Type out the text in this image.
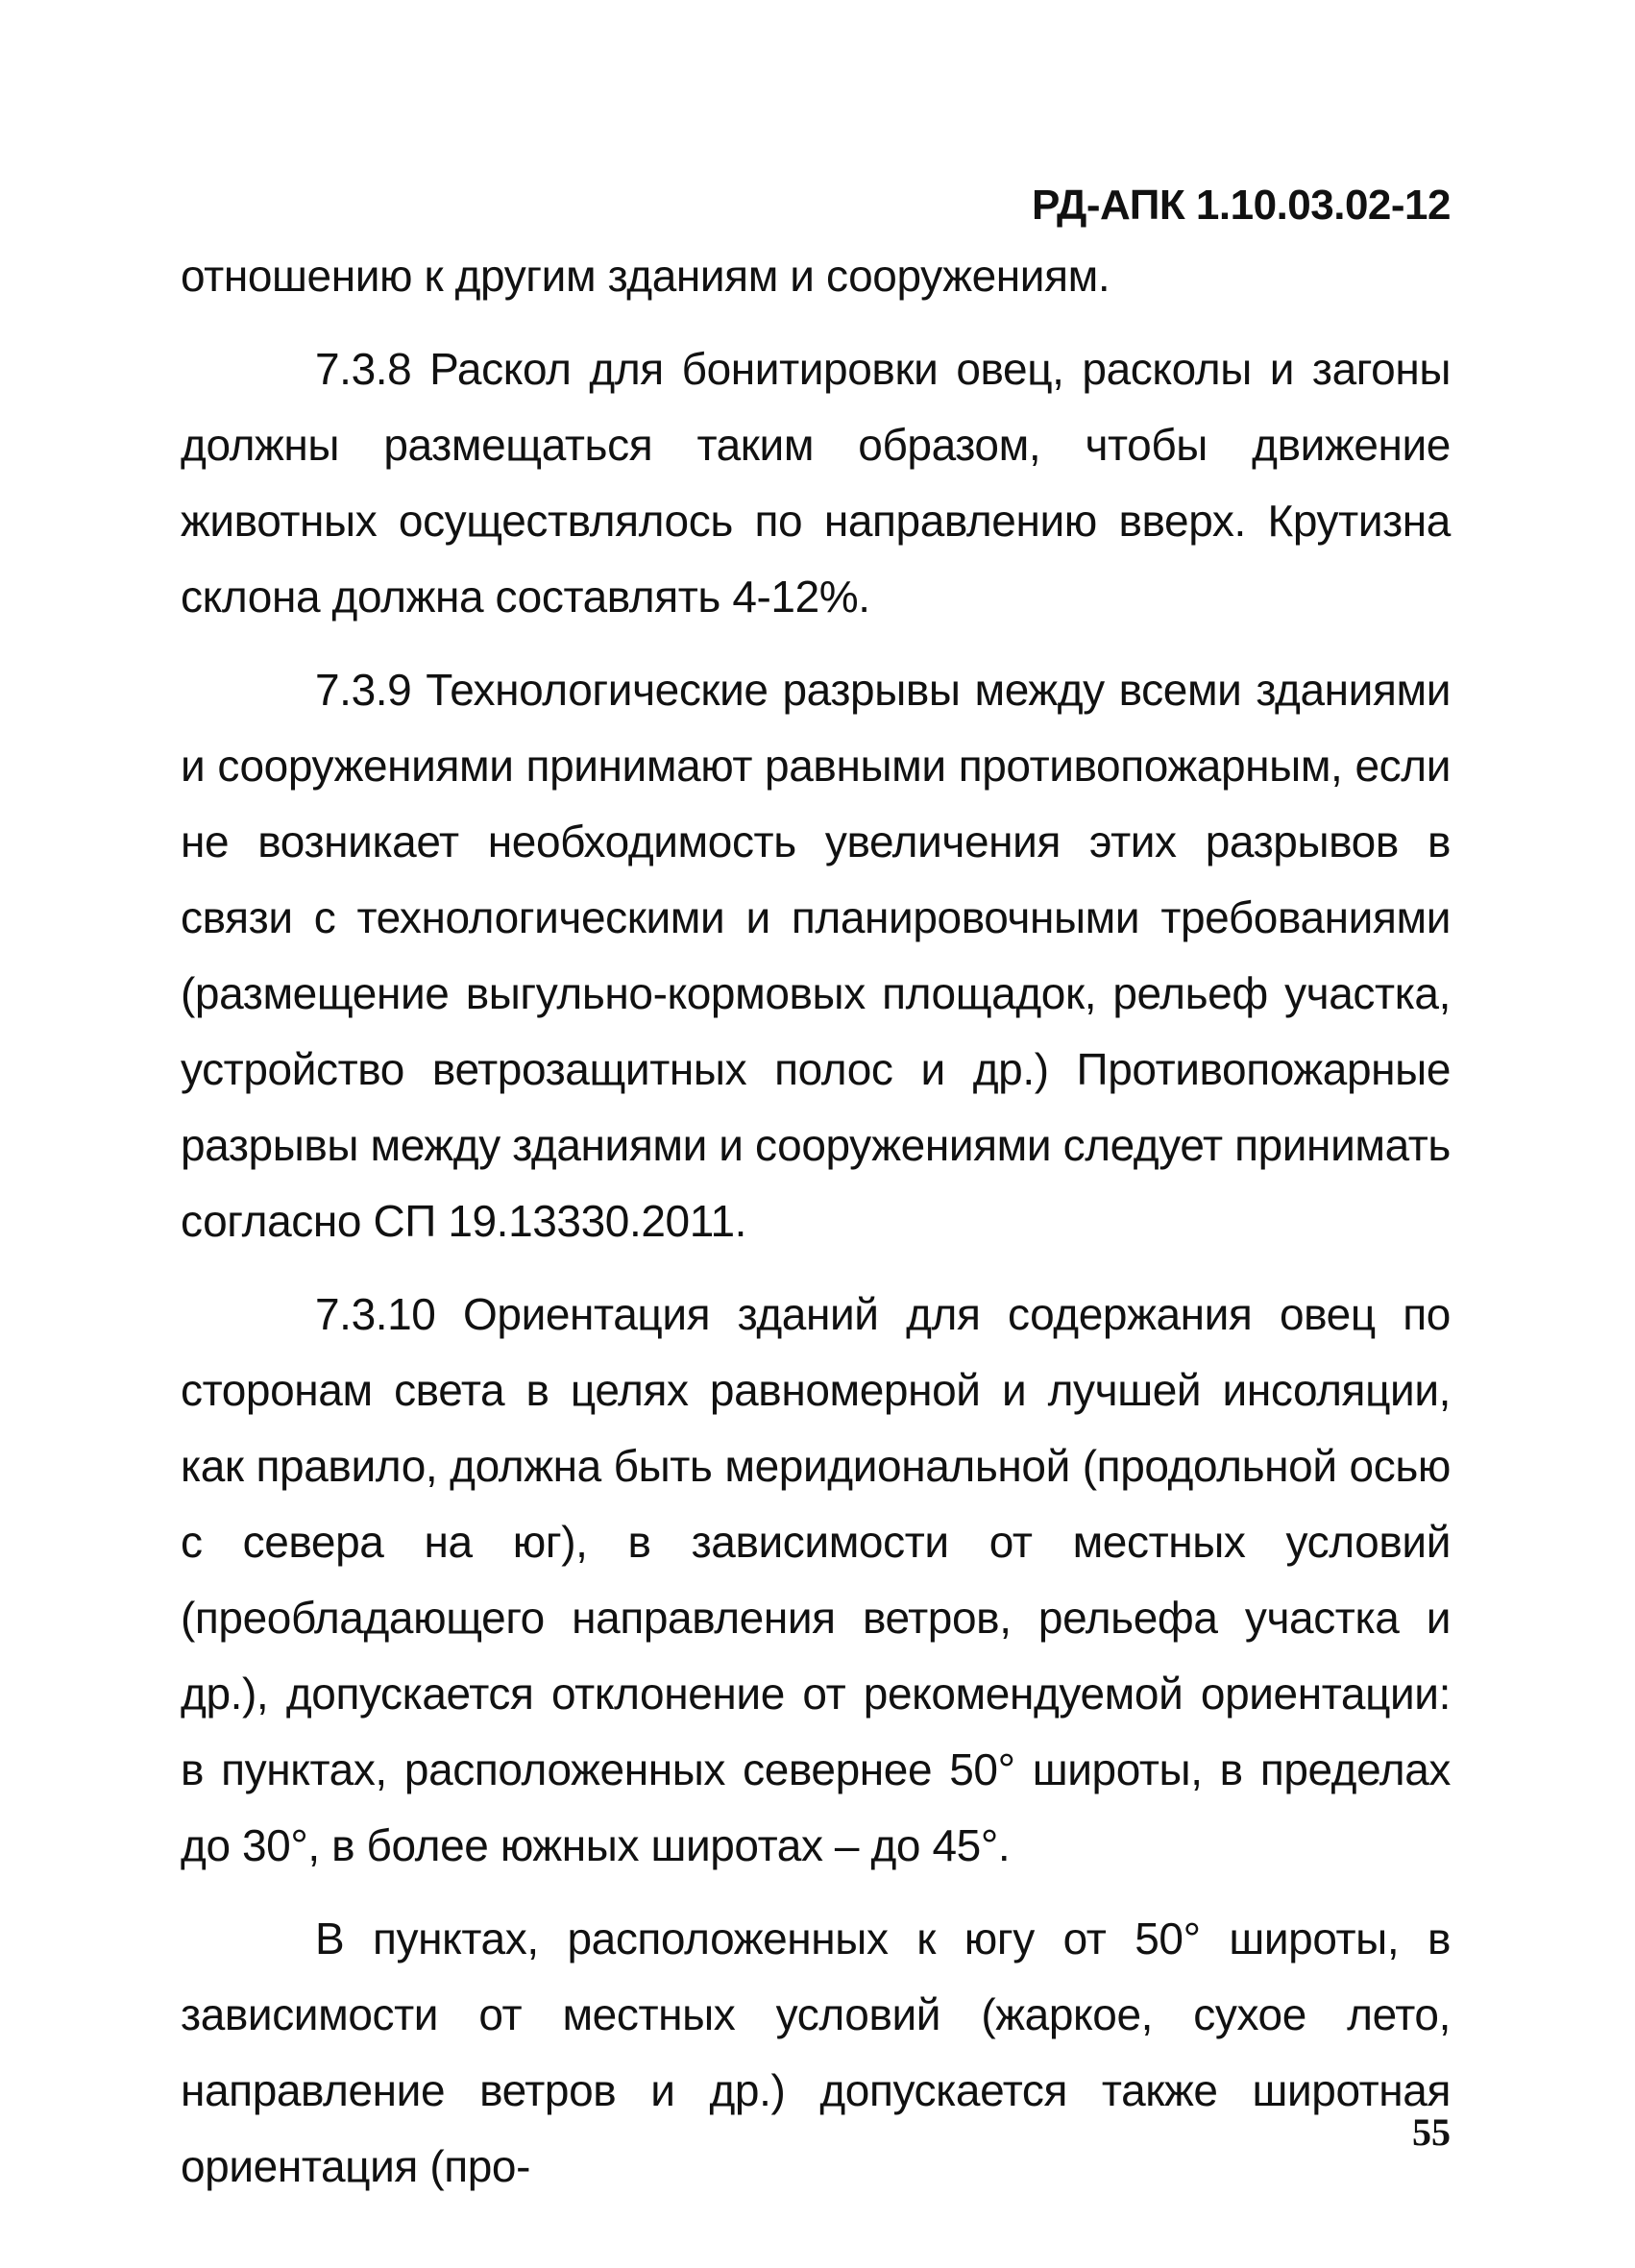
РД-АПК 1.10.03.02-12

отношению к другим зданиям и сооружениям.

7.3.8 Раскол для бонитировки овец, расколы и загоны должны размещаться таким образом, чтобы движение животных осуществлялось по направлению вверх. Крутизна склона должна составлять 4-12%.

7.3.9 Технологические разрывы между всеми зданиями и сооружениями принимают равными противопожарным, если не возникает необходимость увеличения этих разрывов в связи с технологическими и планировочными требованиями (размещение выгульно-кормовых площадок, рельеф участка, устройство ветрозащитных полос и др.) Противопожарные разрывы между зданиями и сооружениями следует принимать согласно СП 19.13330.2011.

7.3.10 Ориентация зданий для содержания овец по сторонам света в целях равномерной и лучшей инсоляции, как правило, должна быть меридиональной (продольной осью с севера на юг), в зависимости от местных условий (преобладающего направления ветров, рельефа участка и др.), допускается отклонение от рекомендуемой ориентации: в пунктах, расположенных севернее 50° широты, в пределах до 30°, в более южных широтах – до 45°.

В пунктах, расположенных к югу от 50° широты, в зависимости от местных условий (жаркое, сухое лето, направление ветров и др.) допускается также широтная ориентация (про-

55
